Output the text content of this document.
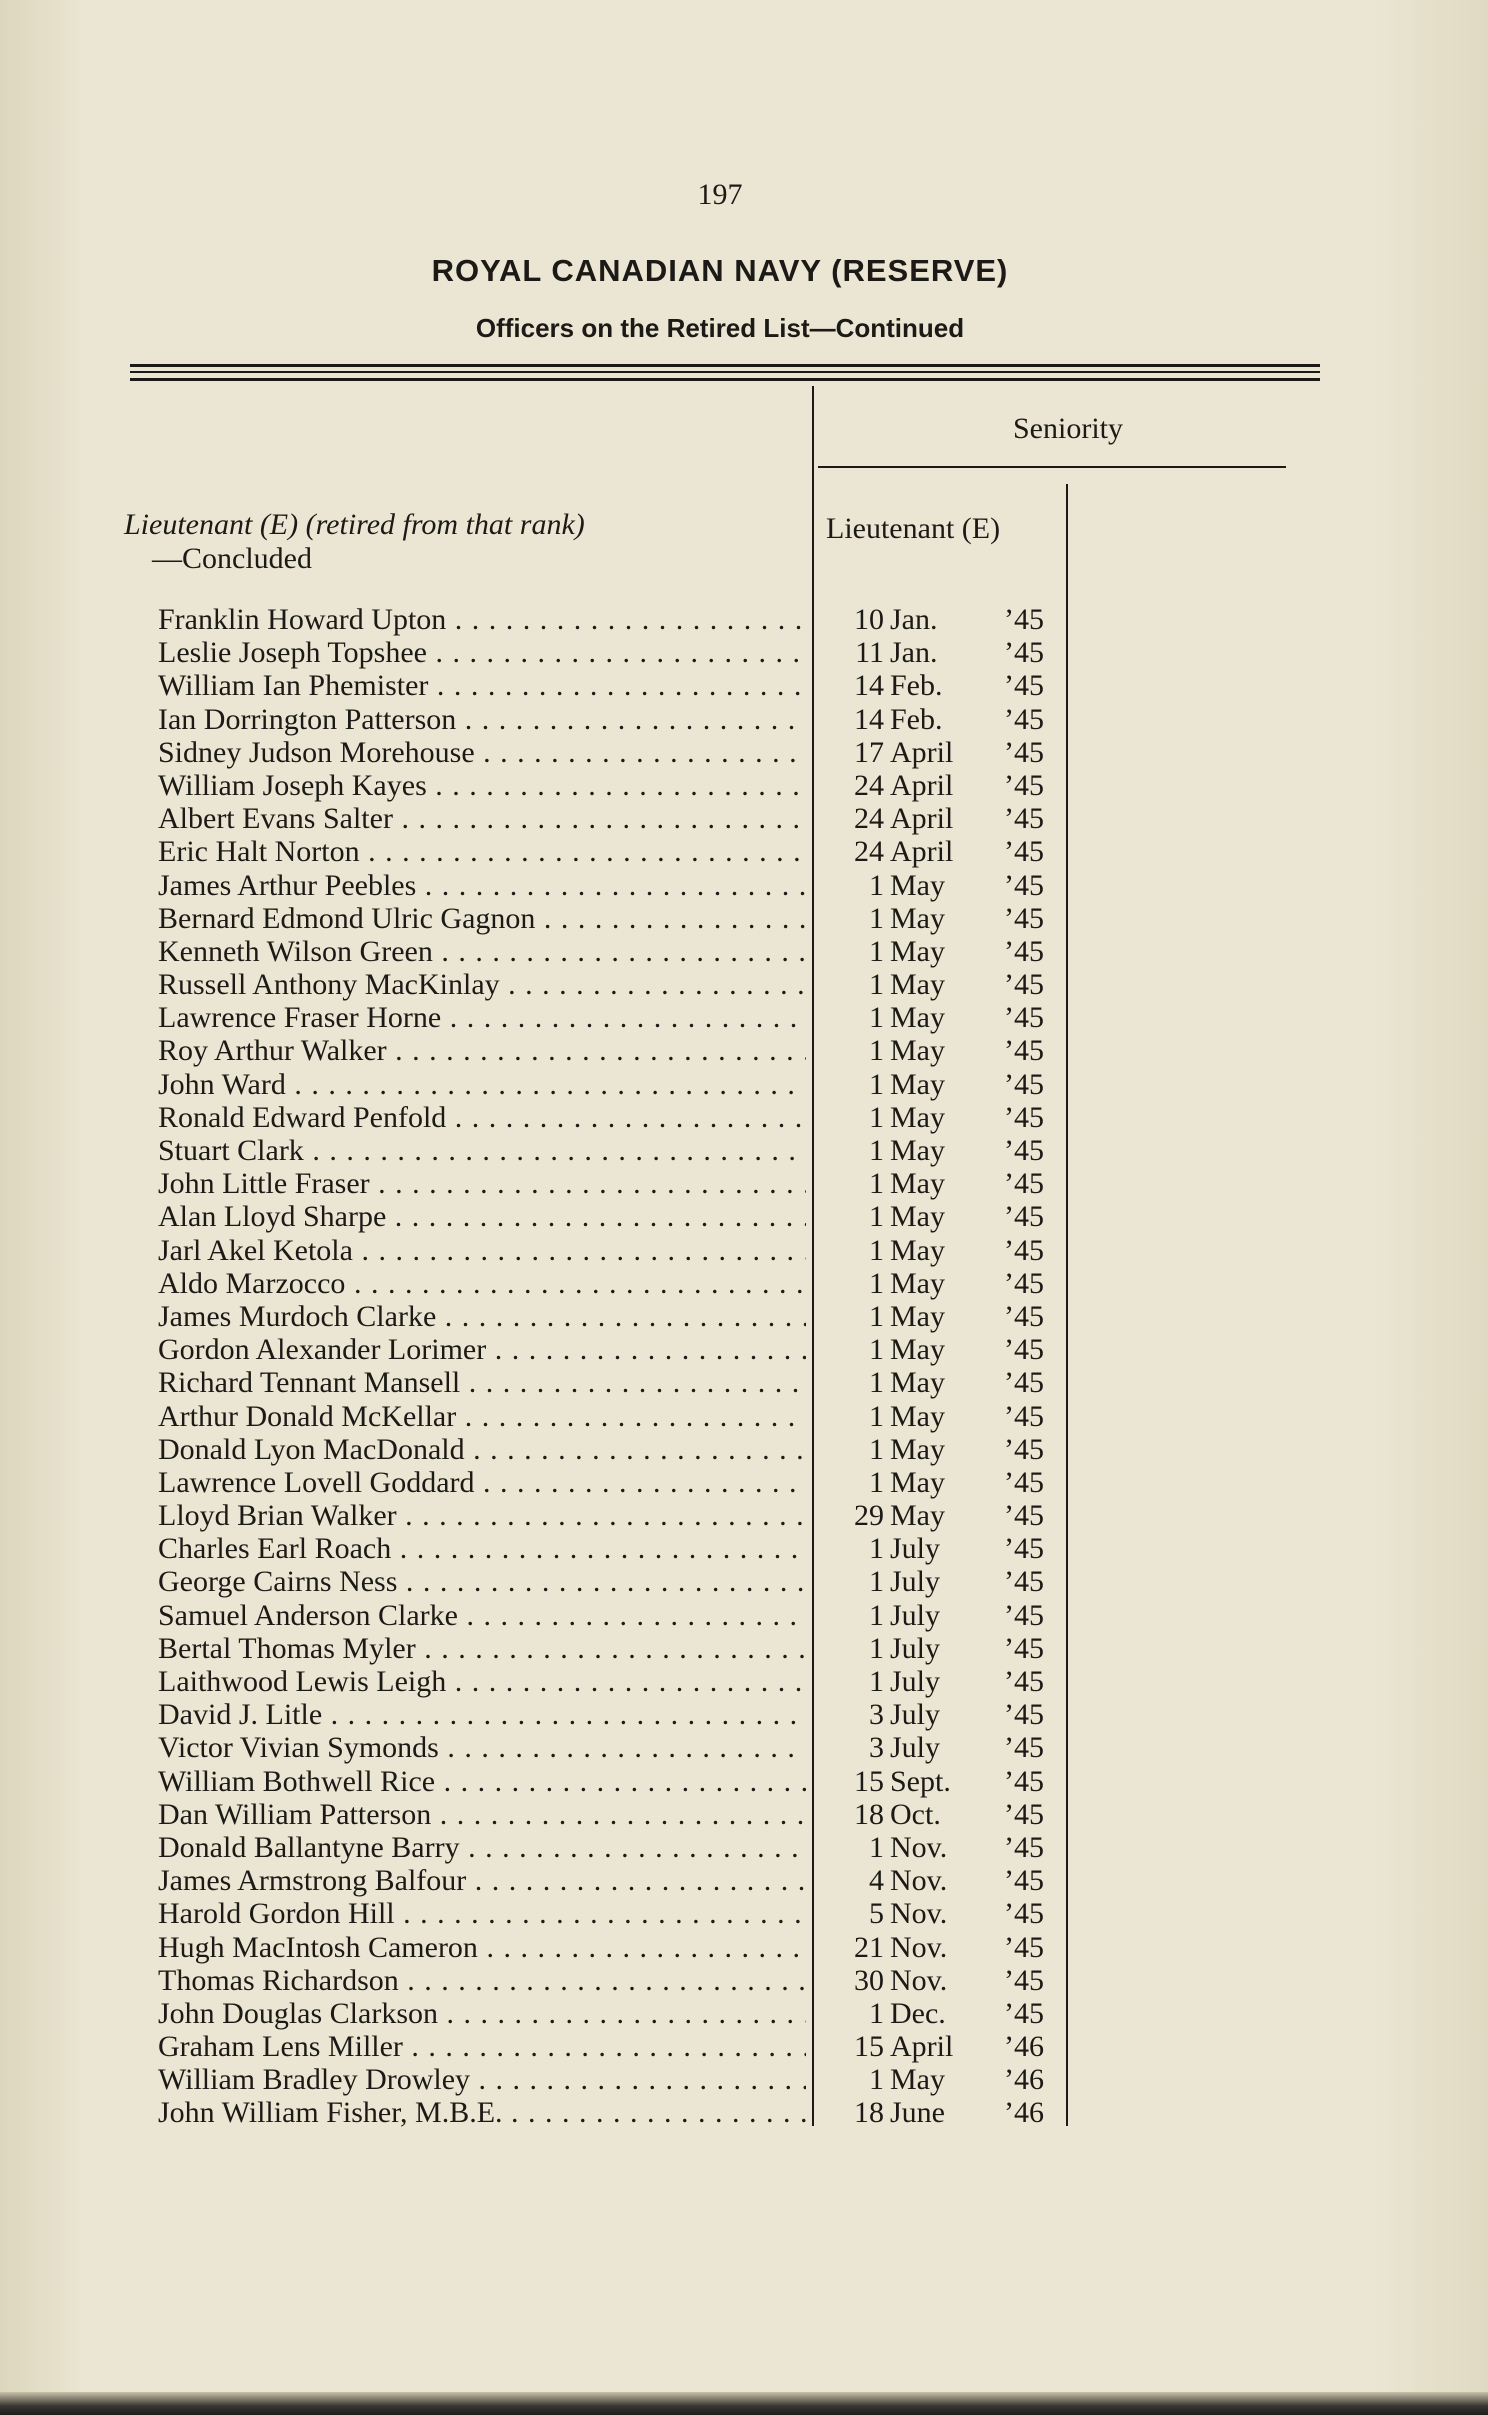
197
ROYAL CANADIAN NAVY (RESERVE)
Officers on the Retired List—Continued
Seniority
Lieutenant (E) (retired from that rank)
—Concluded
Lieutenant (E)
Franklin Howard Upton . . .	10 Jan.	’45
Leslie Joseph Topshee . . .	11 Jan.	’45
William Ian Phemister . . .	14 Feb.	’45
Ian Dorrington Patterson . . .	14 Feb.	’45
Sidney Judson Morehouse . . .	17 April	’45
William Joseph Kayes . . .	24 April	’45
Albert Evans Salter . . .	24 April	’45
Eric Halt Norton . . .	24 April	’45
James Arthur Peebles . . .	1 May	’45
Bernard Edmond Ulric Gagnon . . .	1 May	’45
Kenneth Wilson Green . . .	1 May	’45
Russell Anthony MacKinlay . . .	1 May	’45
Lawrence Fraser Horne . . .	1 May	’45
Roy Arthur Walker . . .	1 May	’45
John Ward . . .	1 May	’45
Ronald Edward Penfold . . .	1 May	’45
Stuart Clark . . .	1 May	’45
John Little Fraser . . .	1 May	’45
Alan Lloyd Sharpe . . .	1 May	’45
Jarl Akel Ketola . . .	1 May	’45
Aldo Marzocco . . .	1 May	’45
James Murdoch Clarke . . .	1 May	’45
Gordon Alexander Lorimer . . .	1 May	’45
Richard Tennant Mansell . . .	1 May	’45
Arthur Donald McKellar . . .	1 May	’45
Donald Lyon MacDonald . . .	1 May	’45
Lawrence Lovell Goddard . . .	1 May	’45
Lloyd Brian Walker . . .	29 May	’45
Charles Earl Roach . . .	1 July	’45
George Cairns Ness . . .	1 July	’45
Samuel Anderson Clarke . . .	1 July	’45
Bertal Thomas Myler . . .	1 July	’45
Laithwood Lewis Leigh . . .	1 July	’45
David J. Litle . . .	3 July	’45
Victor Vivian Symonds . . .	3 July	’45
William Bothwell Rice . . .	15 Sept.	’45
Dan William Patterson . . .	18 Oct.	’45
Donald Ballantyne Barry . . .	1 Nov.	’45
James Armstrong Balfour . . .	4 Nov.	’45
Harold Gordon Hill . . .	5 Nov.	’45
Hugh MacIntosh Cameron . . .	21 Nov.	’45
Thomas Richardson . . .	30 Nov.	’45
John Douglas Clarkson . . .	1 Dec.	’45
Graham Lens Miller . . .	15 April	’46
William Bradley Drowley . . .	1 May	’46
John William Fisher, M.B.E. . . .	18 June	’46
